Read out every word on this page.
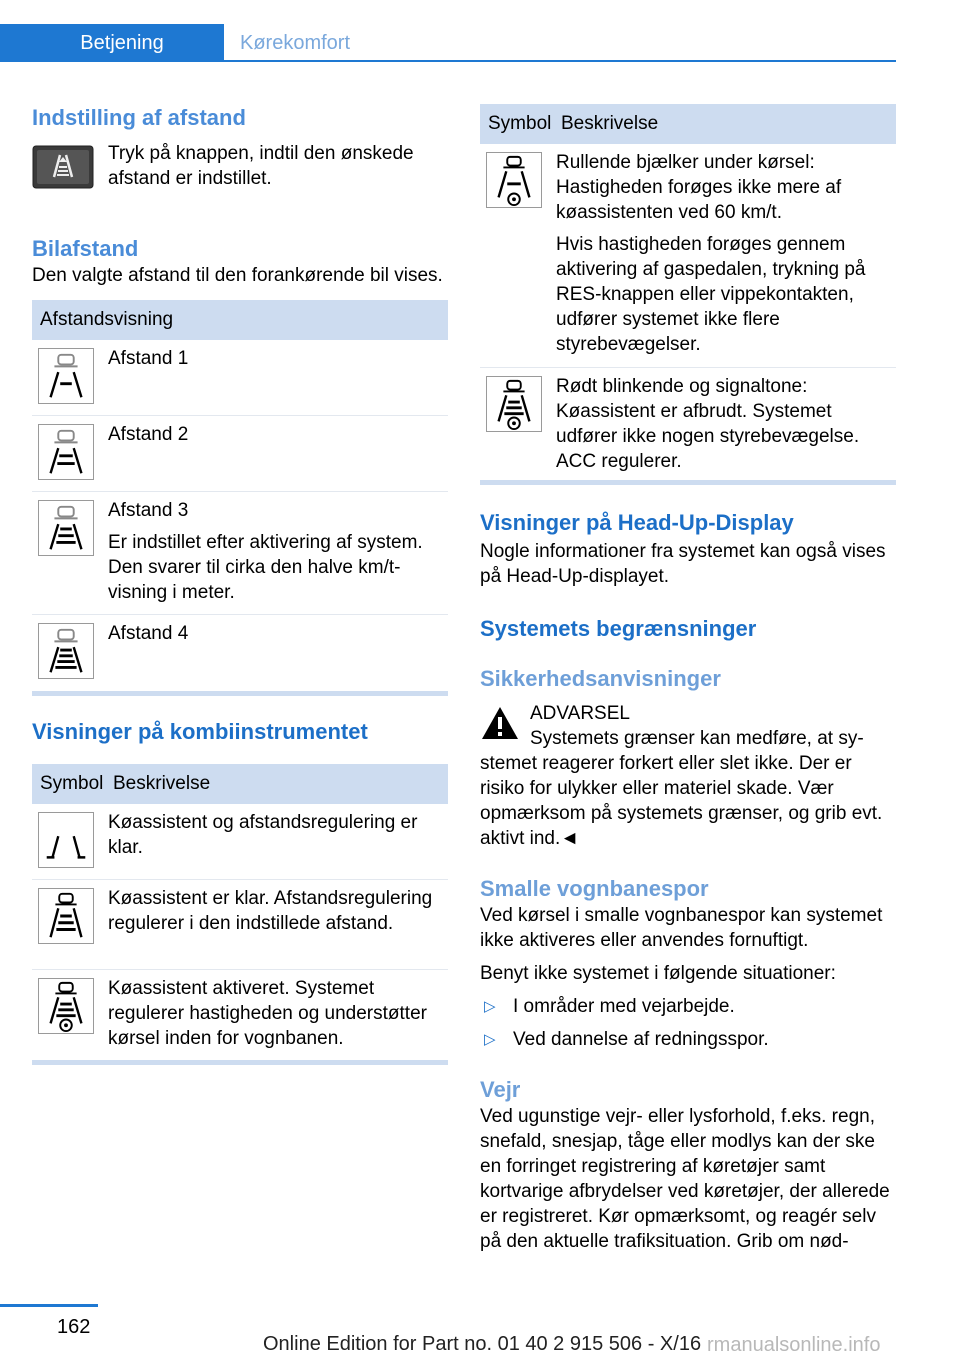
Betjening	Kørekomfort
Indstilling af afstand
Tryk på knappen, indtil den ønskede afstand er indstillet.
Bilafstand
Den valgte afstand til den forankørende bil vises.
Afstandsvisning
Afstand 1
Afstand 2
Afstand 3
Er indstillet efter aktivering af system. Den svarer til cirka den halve km/t-visning i meter.
Afstand 4
Visninger på kombiinstrumentet
Symbol Beskrivelse
Køassistent og afstandsregulering er klar.
Køassistent er klar. Afstandsregulering regulerer i den indstillede afstand.
Køassistent aktiveret. Systemet regulerer hastigheden og understøtter kørsel inden for vognbanen.
Symbol Beskrivelse
Rullende bjælker under kørsel: Hastigheden forøges ikke mere af køassistenten ved 60 km/t.
Hvis hastigheden forøges gennem aktivering af gaspedalen, trykning på RES-knappen eller vippekontakten, udfører systemet ikke flere styrebevægelser.
Rødt blinkende og signaltone: Køassistent er afbrudt. Systemet udfører ikke nogen styrebevægelse. ACC regulerer.
Visninger på Head-Up-Display
Nogle informationer fra systemet kan også vises på Head-Up-displayet.
Systemets begrænsninger
Sikkerhedsanvisninger
ADVARSEL
Systemets grænser kan medføre, at sy-
stemet reagerer forkert eller slet ikke. Der er risiko for ulykker eller materiel skade. Vær opmærksom på systemets grænser, og grib evt. aktivt ind.◄
Smalle vognbanespor
Ved kørsel i smalle vognbanespor kan systemet ikke aktiveres eller anvendes fornuftigt.
Benyt ikke systemet i følgende situationer:
▷ I områder med vejarbejde.
▷ Ved dannelse af redningsspor.
Vejr
Ved ugunstige vejr- eller lysforhold, f.eks. regn, snefald, snesjap, tåge eller modlys kan der ske en forringet registrering af køretøjer samt kortvarige afbrydelser ved køretøjer, der allerede er registreret. Kør opmærksomt, og reagér selv på den aktuelle trafiksituation. Grib om nød-
162
Online Edition for Part no. 01 40 2 915 506 - X/16 rmanualsonline.info
